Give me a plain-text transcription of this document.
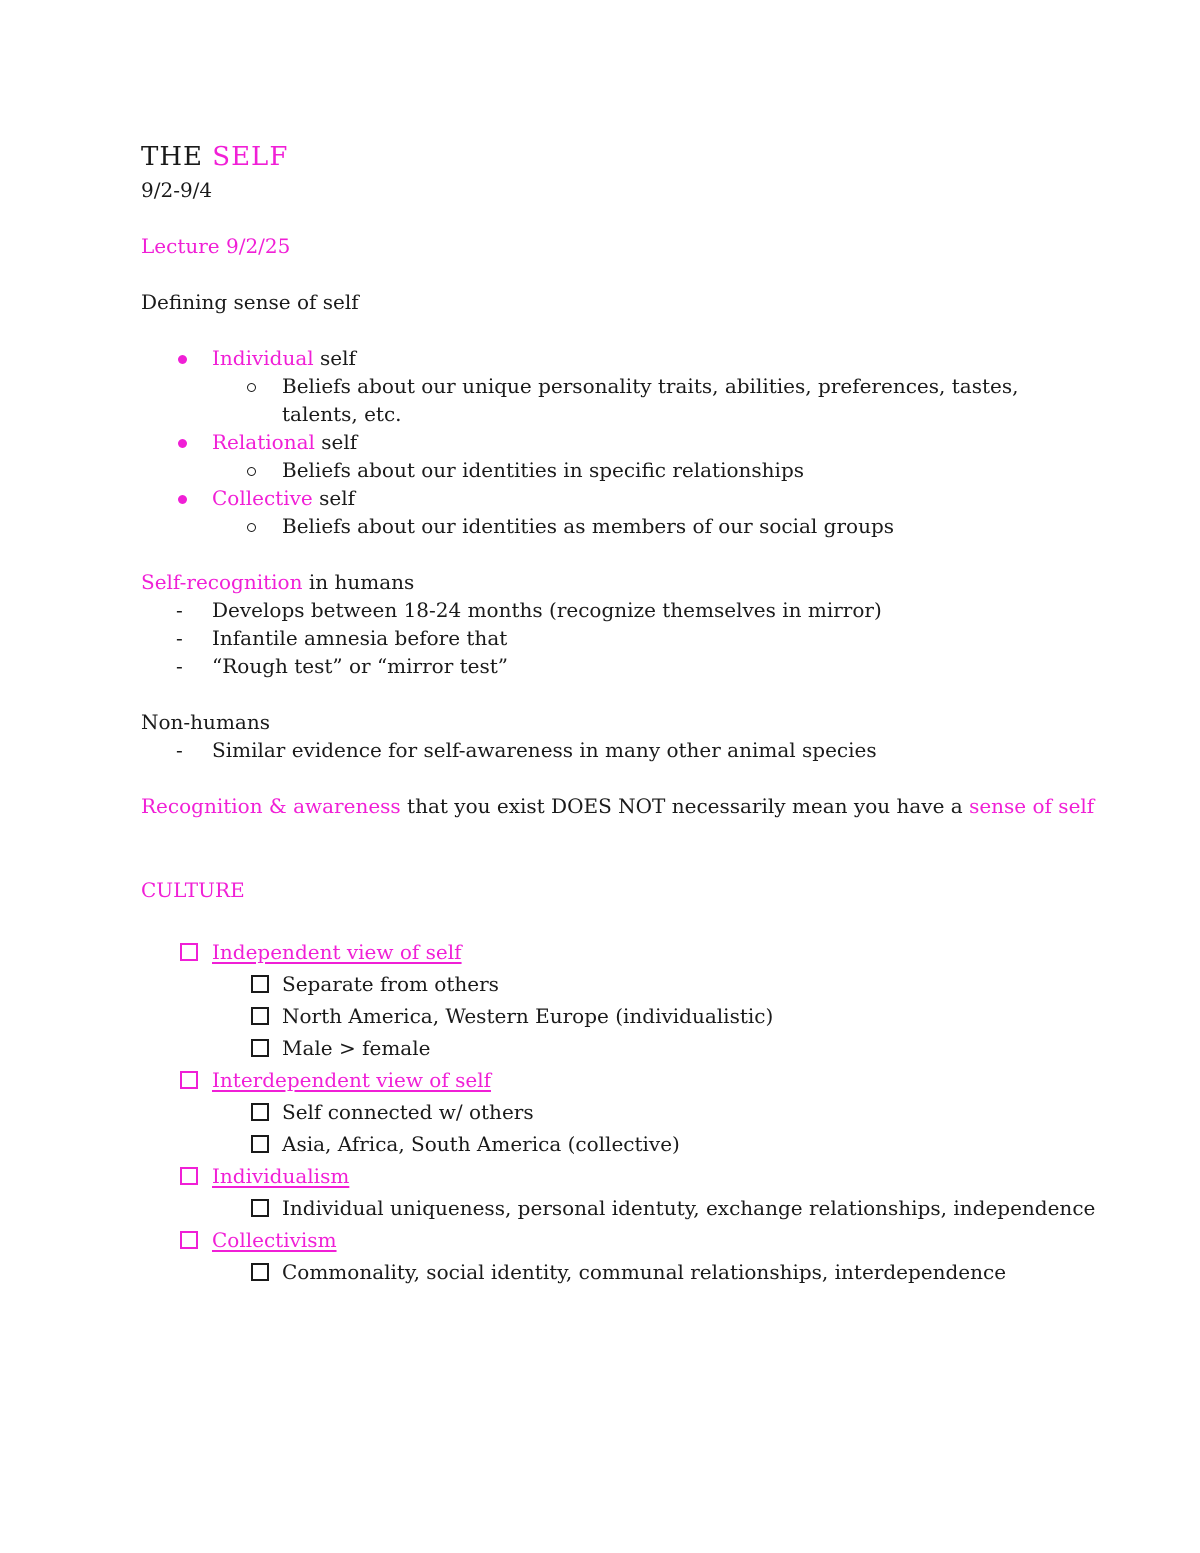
THE SELF
9/2-9/4
Lecture 9/2/25
Defining sense of self
Individual self
Beliefs about our unique personality traits, abilities, preferences, tastes, talents, etc.
Relational self
Beliefs about our identities in specific relationships
Collective self
Beliefs about our identities as members of our social groups
Self-recognition in humans
- Develops between 18-24 months (recognize themselves in mirror)
- Infantile amnesia before that
- “Rough test” or “mirror test”
Non-humans
- Similar evidence for self-awareness in many other animal species
Recognition & awareness that you exist DOES NOT necessarily mean you have a sense of self
CULTURE
Independent view of self
Separate from others
North America, Western Europe (individualistic)
Male > female
Interdependent view of self
Self connected w/ others
Asia, Africa, South America (collective)
Individualism
Individual uniqueness, personal identuty, exchange relationships, independence
Collectivism
Commonality, social identity, communal relationships, interdependence
